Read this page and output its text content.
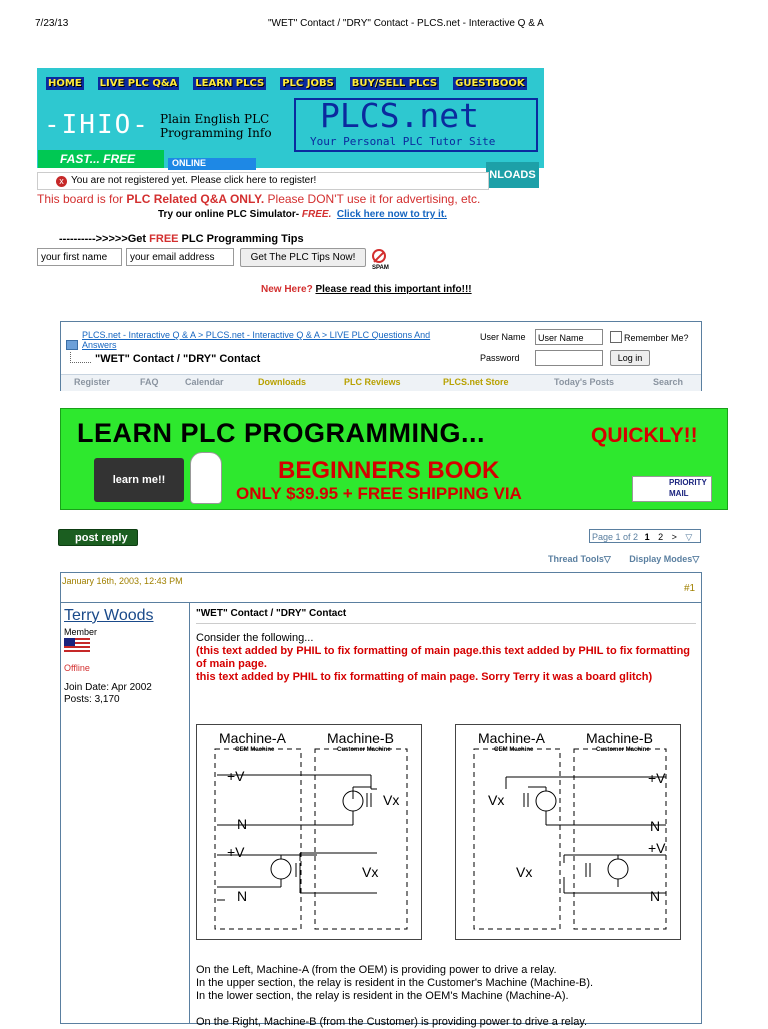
7/23/13	"WET" Contact / "DRY" Contact - PLCS.net - Interactive Q & A
HOME LIVE PLC Q&A LEARN PLCS PLC JOBS BUY/SELL PLCS GUESTBOOK
-IHIO- Plain English PLC
Programming Info PLCS.net
Your Personal PLC Tutor Site
FAST... FREE	ONLINE
NLOADS
x You are not registered yet. Please click here to register!
This board is for PLC Related Q&A ONLY. Please DON'T use it for advertising, etc.
Try our online PLC Simulator- FREE. Click here now to try it.
---------->>>>>Get FREE PLC Programming Tips
your first name	your email address	Get The PLC Tips Now!
SPAM
New Here? Please read this important info!!!
PLCS.net - Interactive Q & A > PLCS.net - Interactive Q & A > LIVE PLC Questions And Answers
"WET" Contact / "DRY" Contact
User Name	User Name	Remember Me?
Password	Log in
Register	FAQ	Calendar	Downloads	PLC Reviews	PLCS.net Store	Today's Posts	Search
LEARN PLC PROGRAMMING...	QUICKLY!!
learn me!!	BEGINNERS BOOK
ONLY $39.95 + FREE SHIPPING VIA
PRIORITY MAIL
post reply	Page 1 of 2 1 2 > ▽
Thread Tools▽ Display Modes▽
January 16th, 2003, 12:43 PM
#1
Terry Woods
Member
Offline
Join Date: Apr 2002
Posts: 3,170
"WET" Contact / "DRY" Contact
Consider the following...
(this text added by PHIL to fix formatting of main page.this text added by PHIL to fix formatting of main page.
this text added by PHIL to fix formatting of main page. Sorry Terry it was a board glitch)
Machine-A	Machine-B
OEM Machine	Customer Machine
+V
Vx
N
+V
Vx
N
Machine-A	Machine-B
OEM Machine	Customer Machine
+V
Vx
N
+V
Vx
N
On the Left, Machine-A (from the OEM) is providing power to drive a relay.
In the upper section, the relay is resident in the Customer's Machine (Machine-B).
In the lower section, the relay is resident in the OEM's Machine (Machine-A).
On the Right, Machine-B (from the Customer) is providing power to drive a relay.
